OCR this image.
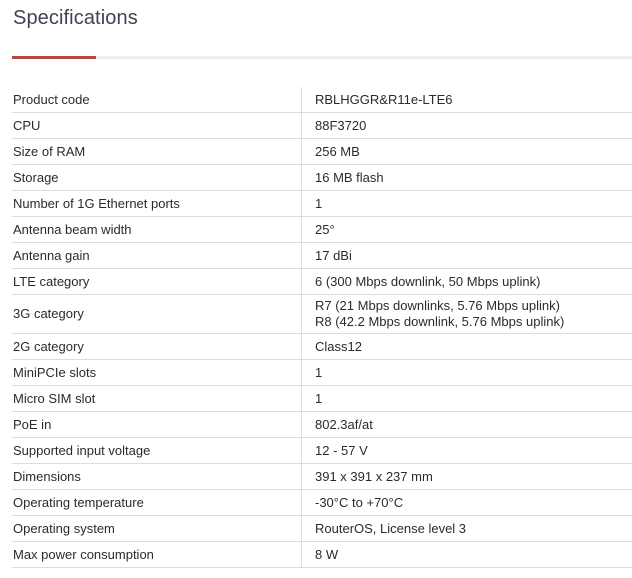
Specifications
Product code	RBLHGGR&R11e-LTE6
CPU	88F3720
Size of RAM	256 MB
Storage	16 MB flash
Number of 1G Ethernet ports	1
Antenna beam width	25°
Antenna gain	17 dBi
LTE category	6 (300 Mbps downlink, 50 Mbps uplink)
3G category	R7 (21 Mbps downlinks, 5.76 Mbps uplink)
R8 (42.2 Mbps downlink, 5.76 Mbps uplink)

2G category	Class12
MiniPCIe slots	1
Micro SIM slot	1
PoE in	802.3af/at
Supported input voltage	12 - 57 V
Dimensions	391 x 391 x 237 mm
Operating temperature	-30°C to +70°C
Operating system	RouterOS, License level 3
Max power consumption	8 W
